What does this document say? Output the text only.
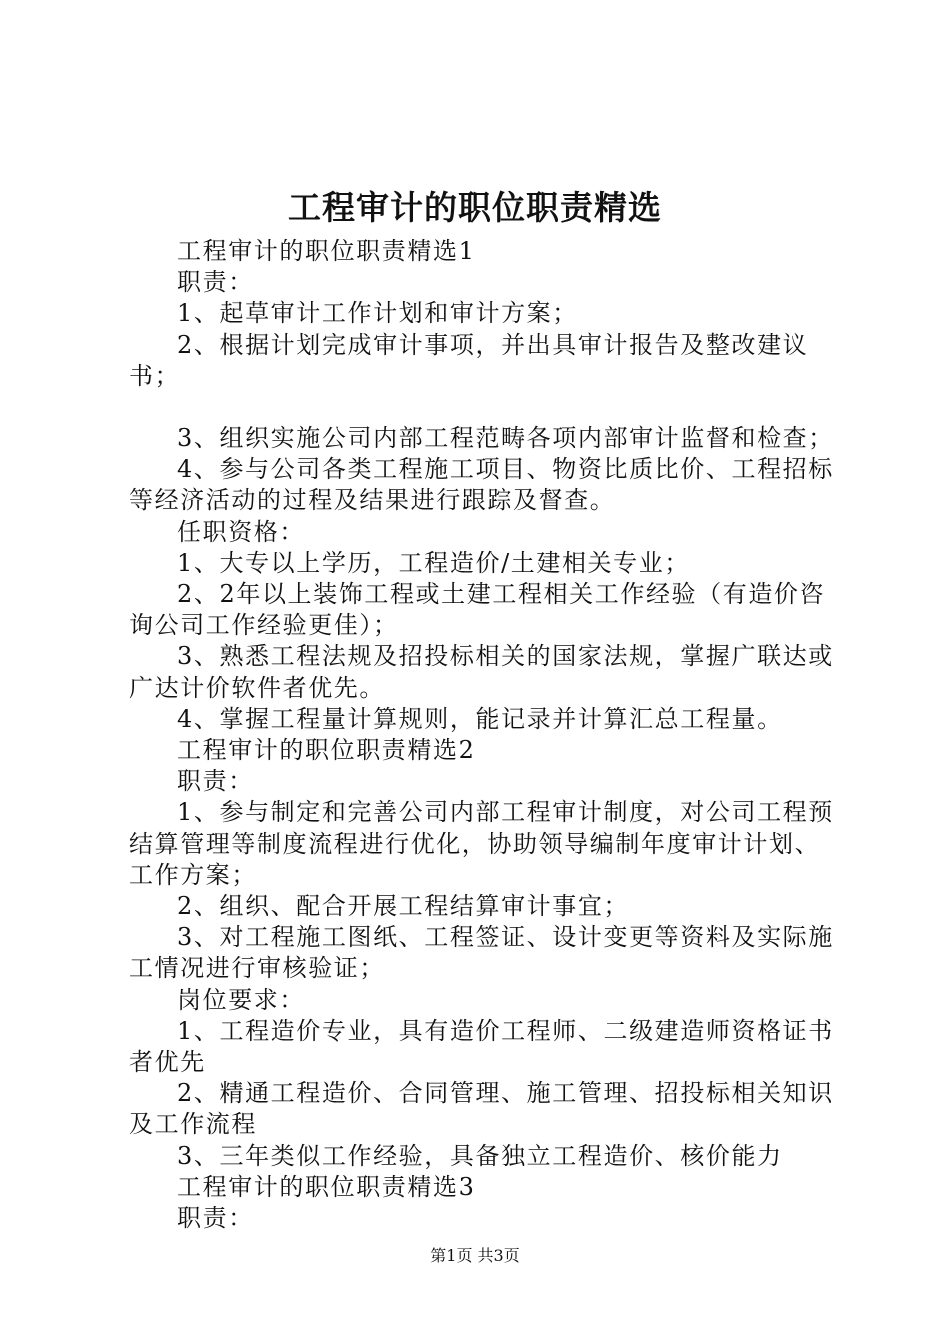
工程审计的职位职责精选

工程审计的职位职责精选1

职责：

1、起草审计工作计划和审计方案；

2、根据计划完成审计事项，并出具审计报告及整改建议书；

3、组织实施公司内部工程范畴各项内部审计监督和检查；

4、参与公司各类工程施工项目、物资比质比价、工程招标等经济活动的过程及结果进行跟踪及督查。

任职资格：

1、大专以上学历，工程造价/土建相关专业；

2、2年以上装饰工程或土建工程相关工作经验（有造价咨询公司工作经验更佳）；

3、熟悉工程法规及招投标相关的国家法规，掌握广联达或广达计价软件者优先。

4、掌握工程量计算规则，能记录并计算汇总工程量。

工程审计的职位职责精选2

职责：

1、参与制定和完善公司内部工程审计制度，对公司工程预结算管理等制度流程进行优化，协助领导编制年度审计计划、工作方案；

2、组织、配合开展工程结算审计事宜；

3、对工程施工图纸、工程签证、设计变更等资料及实际施工情况进行审核验证；

岗位要求：

1、工程造价专业，具有造价工程师、二级建造师资格证书者优先

2、精通工程造价、合同管理、施工管理、招投标相关知识及工作流程

3、三年类似工作经验，具备独立工程造价、核价能力

工程审计的职位职责精选3

职责：

第1页 共3页
